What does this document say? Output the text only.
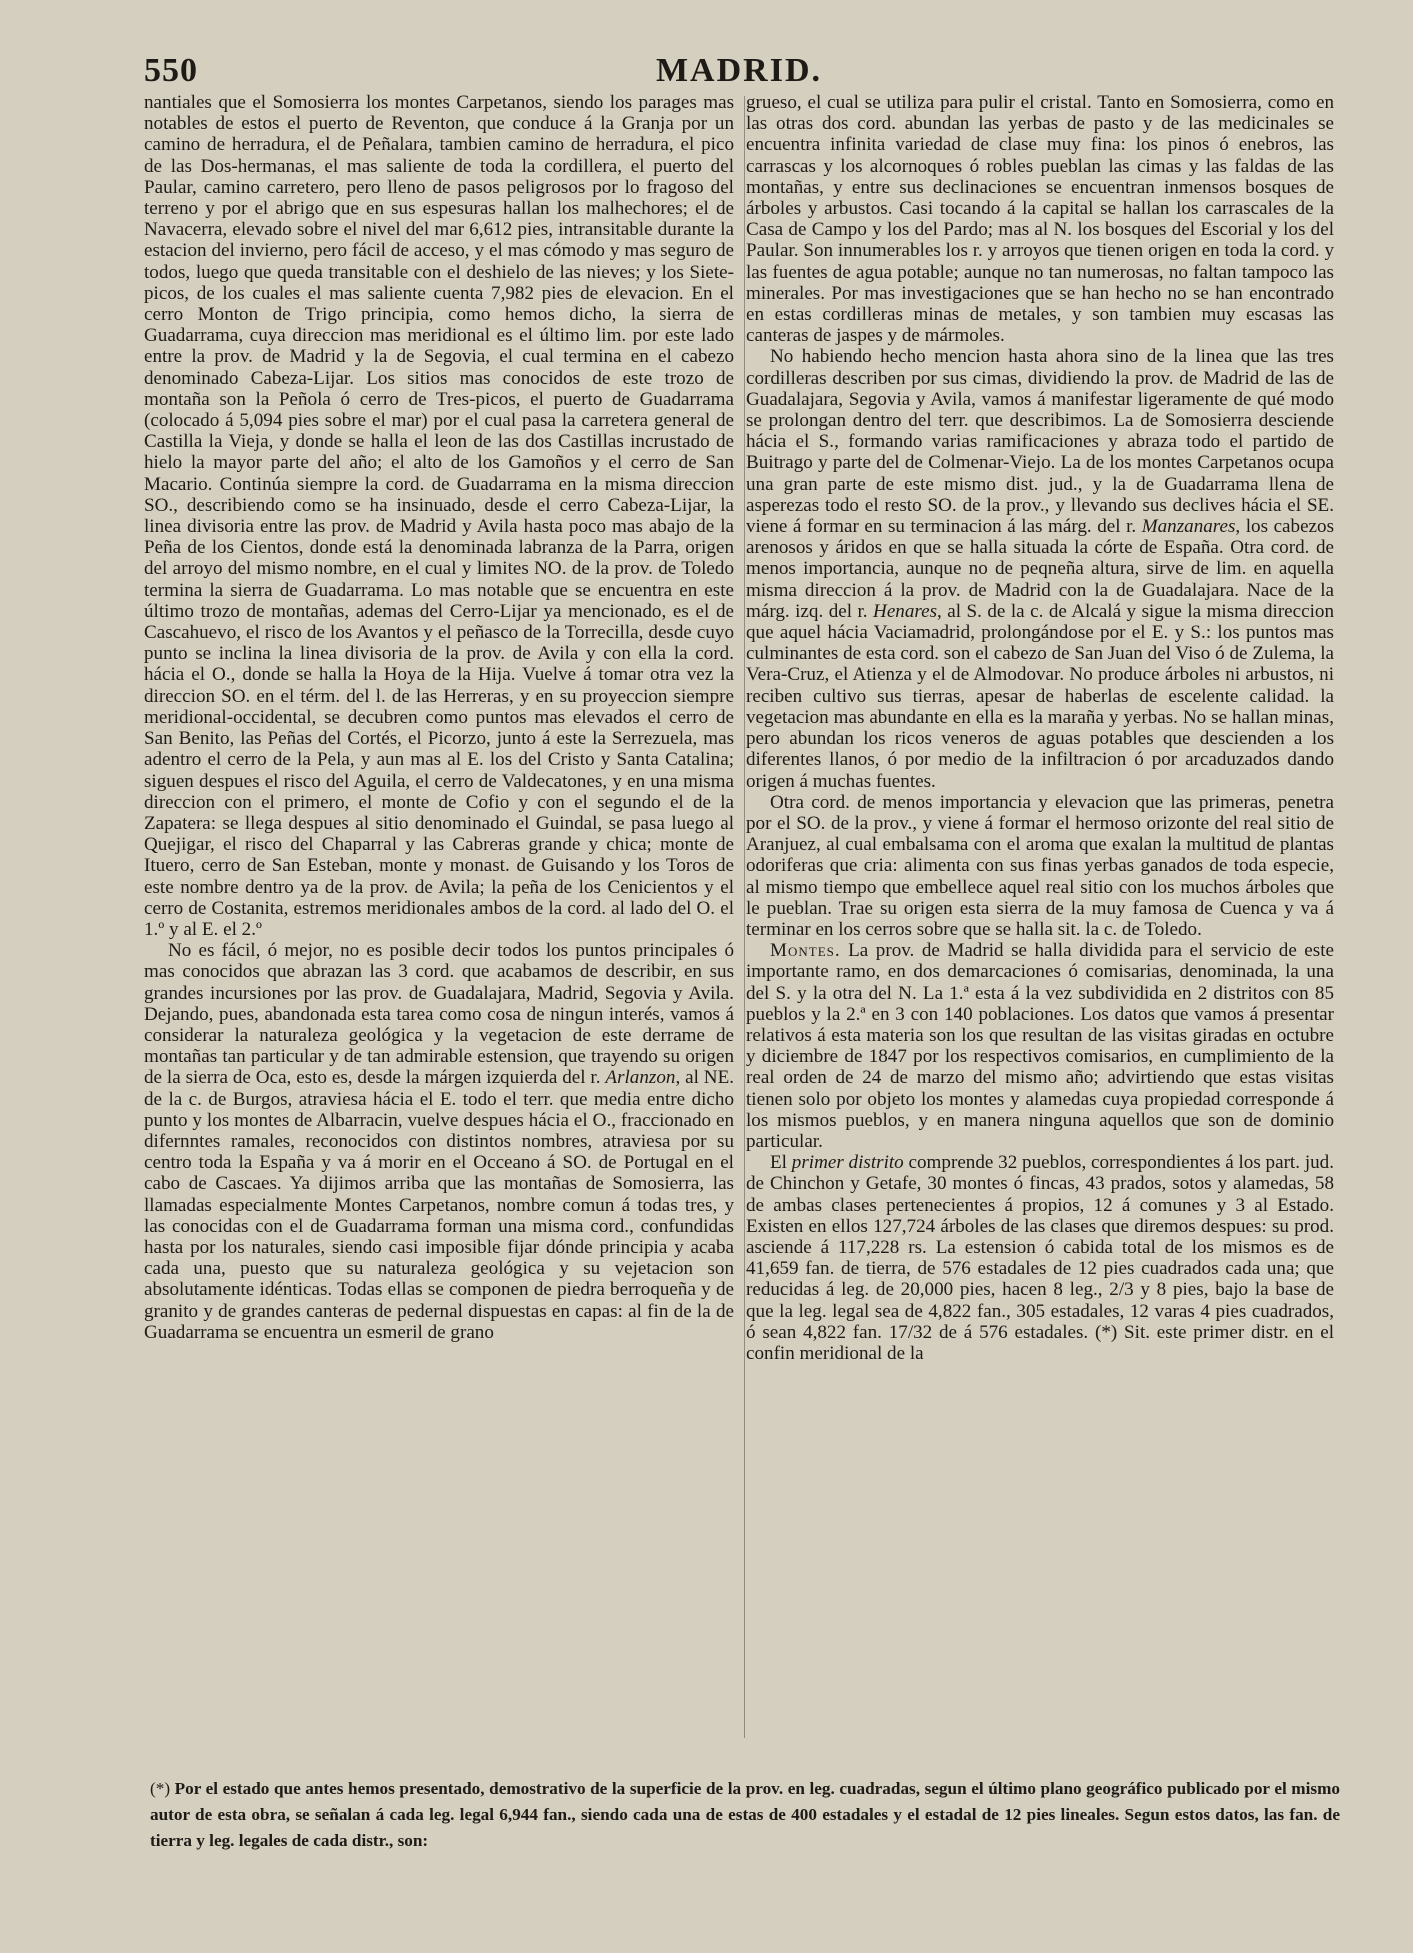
550	MADRID.

nantiales que el Somosierra los montes Carpetanos, siendo los parages mas notables de estos el puerto de Reventon, que conduce á la Granja por un camino de herradura, el de Peñalara, tambien camino de herradura, el pico de las Dos-hermanas, el mas saliente de toda la cordillera, el puerto del Paular, camino carretero, pero lleno de pasos peligrosos por lo fragoso del terreno y por el abrigo que en sus espesuras hallan los malhechores; el de Navacerra, elevado sobre el nivel del mar 6,612 pies, intransitable durante la estacion del invierno, pero fácil de acceso, y el mas cómodo y mas seguro de todos, luego que queda transitable con el deshielo de las nieves; y los Siete-picos, de los cuales el mas saliente cuenta 7,982 pies de elevacion. En el cerro Monton de Trigo principia, como hemos dicho, la sierra de Guadarrama, cuya direccion mas meridional es el último lim. por este lado entre la prov. de Madrid y la de Segovia, el cual termina en el cabezo denominado Cabeza-Lijar. Los sitios mas conocidos de este trozo de montaña son la Peñola ó cerro de Tres-picos, el puerto de Guadarrama (colocado á 5,094 pies sobre el mar) por el cual pasa la carretera general de Castilla la Vieja, y donde se halla el leon de las dos Castillas incrustado de hielo la mayor parte del año; el alto de los Gamoños y el cerro de San Macario. Continúa siempre la cord. de Guadarrama en la misma direccion SO., describiendo como se ha insinuado, desde el cerro Cabeza-Lijar, la linea divisoria entre las prov. de Madrid y Avila hasta poco mas abajo de la Peña de los Cientos, donde está la denominada labranza de la Parra, origen del arroyo del mismo nombre, en el cual y limites NO. de la prov. de Toledo termina la sierra de Guadarrama. Lo mas notable que se encuentra en este último trozo de montañas, ademas del Cerro-Lijar ya mencionado, es el de Cascahuevo, el risco de los Avantos y el peñasco de la Torrecilla, desde cuyo punto se inclina la linea divisoria de la prov. de Avila y con ella la cord. hácia el O., donde se halla la Hoya de la Hija. Vuelve á tomar otra vez la direccion SO. en el térm. del l. de las Herreras, y en su proyeccion siempre meridional-occidental, se decubren como puntos mas elevados el cerro de San Benito, las Peñas del Cortés, el Picorzo, junto á este la Serrezuela, mas adentro el cerro de la Pela, y aun mas al E. los del Cristo y Santa Catalina; siguen despues el risco del Aguila, el cerro de Valdecatones, y en una misma direccion con el primero, el monte de Cofio y con el segundo el de la Zapatera: se llega despues al sitio denominado el Guindal, se pasa luego al Quejigar, el risco del Chaparral y las Cabreras grande y chica; monte de Ituero, cerro de San Esteban, monte y monast. de Guisando y los Toros de este nombre dentro ya de la prov. de Avila; la peña de los Cenicientos y el cerro de Costanita, estremos meridionales ambos de la cord. al lado del O. el 1.º y al E. el 2.º

No es fácil, ó mejor, no es posible decir todos los puntos principales ó mas conocidos que abrazan las 3 cord. que acabamos de describir, en sus grandes incursiones por las prov. de Guadalajara, Madrid, Segovia y Avila. Dejando, pues, abandonada esta tarea como cosa de ningun interés, vamos á considerar la naturaleza geológica y la vegetacion de este derrame de montañas tan particular y de tan admirable estension, que trayendo su origen de la sierra de Oca, esto es, desde la márgen izquierda del r. Arlanzon, al NE. de la c. de Burgos, atraviesa hácia el E. todo el terr. que media entre dicho punto y los montes de Albarracin, vuelve despues hácia el O., fraccionado en difernntes ramales, reconocidos con distintos nombres, atraviesa por su centro toda la España y va á morir en el Occeano á SO. de Portugal en el cabo de Cascaes. Ya dijimos arriba que las montañas de Somosierra, las llamadas especialmente Montes Carpetanos, nombre comun á todas tres, y las conocidas con el de Guadarrama forman una misma cord., confundidas hasta por los naturales, siendo casi imposible fijar dónde principia y acaba cada una, puesto que su naturaleza geológica y su vejetacion son absolutamente idénticas. Todas ellas se componen de piedra berroqueña y de granito y de grandes canteras de pedernal dispuestas en capas: al fin de la de Guadarrama se encuentra un esmeril de grano

grueso, el cual se utiliza para pulir el cristal. Tanto en Somosierra, como en las otras dos cord. abundan las yerbas de pasto y de las medicinales se encuentra infinita variedad de clase muy fina: los pinos ó enebros, las carrascas y los alcornoques ó robles pueblan las cimas y las faldas de las montañas, y entre sus declinaciones se encuentran inmensos bosques de árboles y arbustos. Casi tocando á la capital se hallan los carrascales de la Casa de Campo y los del Pardo; mas al N. los bosques del Escorial y los del Paular. Son innumerables los r. y arroyos que tienen origen en toda la cord. y las fuentes de agua potable; aunque no tan numerosas, no faltan tampoco las minerales. Por mas investigaciones que se han hecho no se han encontrado en estas cordilleras minas de metales, y son tambien muy escasas las canteras de jaspes y de mármoles.

No habiendo hecho mencion hasta ahora sino de la linea que las tres cordilleras describen por sus cimas, dividiendo la prov. de Madrid de las de Guadalajara, Segovia y Avila, vamos á manifestar ligeramente de qué modo se prolongan dentro del terr. que describimos. La de Somosierra desciende hácia el S., formando varias ramificaciones y abraza todo el partido de Buitrago y parte del de Colmenar-Viejo. La de los montes Carpetanos ocupa una gran parte de este mismo dist. jud., y la de Guadarrama llena de asperezas todo el resto SO. de la prov., y llevando sus declives hácia el SE. viene á formar en su terminacion á las márg. del r. Manzanares, los cabezos arenosos y áridos en que se halla situada la córte de España. Otra cord. de menos importancia, aunque no de peqneña altura, sirve de lim. en aquella misma direccion á la prov. de Madrid con la de Guadalajara. Nace de la márg. izq. del r. Henares, al S. de la c. de Alcalá y sigue la misma direccion que aquel hácia Vaciamadrid, prolongándose por el E. y S.: los puntos mas culminantes de esta cord. son el cabezo de San Juan del Viso ó de Zulema, la Vera-Cruz, el Atienza y el de Almodovar. No produce árboles ni arbustos, ni reciben cultivo sus tierras, apesar de haberlas de escelente calidad. la vegetacion mas abundante en ella es la maraña y yerbas. No se hallan minas, pero abundan los ricos veneros de aguas potables que descienden a los diferentes llanos, ó por medio de la infiltracion ó por arcaduzados dando origen á muchas fuentes.

Otra cord. de menos importancia y elevacion que las primeras, penetra por el SO. de la prov., y viene á formar el hermoso orizonte del real sitio de Aranjuez, al cual embalsama con el aroma que exalan la multitud de plantas odoriferas que cria: alimenta con sus finas yerbas ganados de toda especie, al mismo tiempo que embellece aquel real sitio con los muchos árboles que le pueblan. Trae su origen esta sierra de la muy famosa de Cuenca y va á terminar en los cerros sobre que se halla sit. la c. de Toledo.

Montes. La prov. de Madrid se halla dividida para el servicio de este importante ramo, en dos demarcaciones ó comisarias, denominada, la una del S. y la otra del N. La 1.ª esta á la vez subdividida en 2 distritos con 85 pueblos y la 2.ª en 3 con 140 poblaciones. Los datos que vamos á presentar relativos á esta materia son los que resultan de las visitas giradas en octubre y diciembre de 1847 por los respectivos comisarios, en cumplimiento de la real orden de 24 de marzo del mismo año; advirtiendo que estas visitas tienen solo por objeto los montes y alamedas cuya propiedad corresponde á los mismos pueblos, y en manera ninguna aquellos que son de dominio particular.

El primer distrito comprende 32 pueblos, correspondientes á los part. jud. de Chinchon y Getafe, 30 montes ó fincas, 43 prados, sotos y alamedas, 58 de ambas clases pertenecientes á propios, 12 á comunes y 3 al Estado. Existen en ellos 127,724 árboles de las clases que diremos despues: su prod. asciende á 117,228 rs. La estension ó cabida total de los mismos es de 41,659 fan. de tierra, de 576 estadales de 12 pies cuadrados cada una; que reducidas á leg. de 20,000 pies, hacen 8 leg., 2/3 y 8 pies, bajo la base de que la leg. legal sea de 4,822 fan., 305 estadales, 12 varas 4 pies cuadrados, ó sean 4,822 fan. 17/32 de á 576 estadales. (*) Sit. este primer distr. en el confin meridional de la

(*) Por el estado que antes hemos presentado, demostrativo de la superficie de la prov. en leg. cuadradas, segun el último plano geográfico publicado por el mismo autor de esta obra, se señalan á cada leg. legal 6,944 fan., siendo cada una de estas de 400 estadales y el estadal de 12 pies lineales. Segun estos datos, las fan. de tierra y leg. legales de cada distr., son:
